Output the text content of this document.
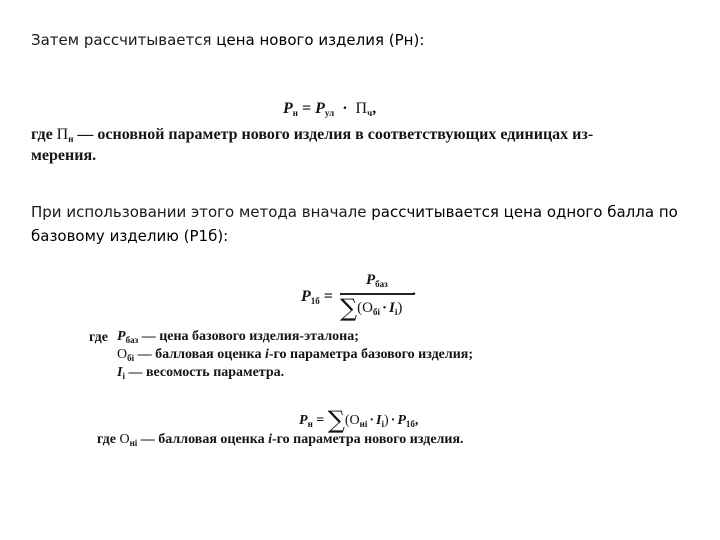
Затем рассчитывается цена нового изделия (Рн):
$P_н = P_{ул} \cdot П_ч$,
где $П_н$ — основной параметр нового изделия в соответствующих единицах из-
мерения.
При использовании этого метода вначале рассчитывается цена одного балла по
базовому изделию (Р1б):
$P_{1б}$ =
$P_{баз}$
$\sum(О_{бi} \cdot I_i)$
.
где $P_{баз}$ — цена базового изделия-эталона;
$О_{бi}$ — балловая оценка i-го параметра базового изделия;
$I_i$ — весомость параметра.
$P_н = \sum(О_{нi} \cdot I_i) \cdot P_{1б}$,
где $О_{нi}$ — балловая оценка i-го параметра нового изделия.
